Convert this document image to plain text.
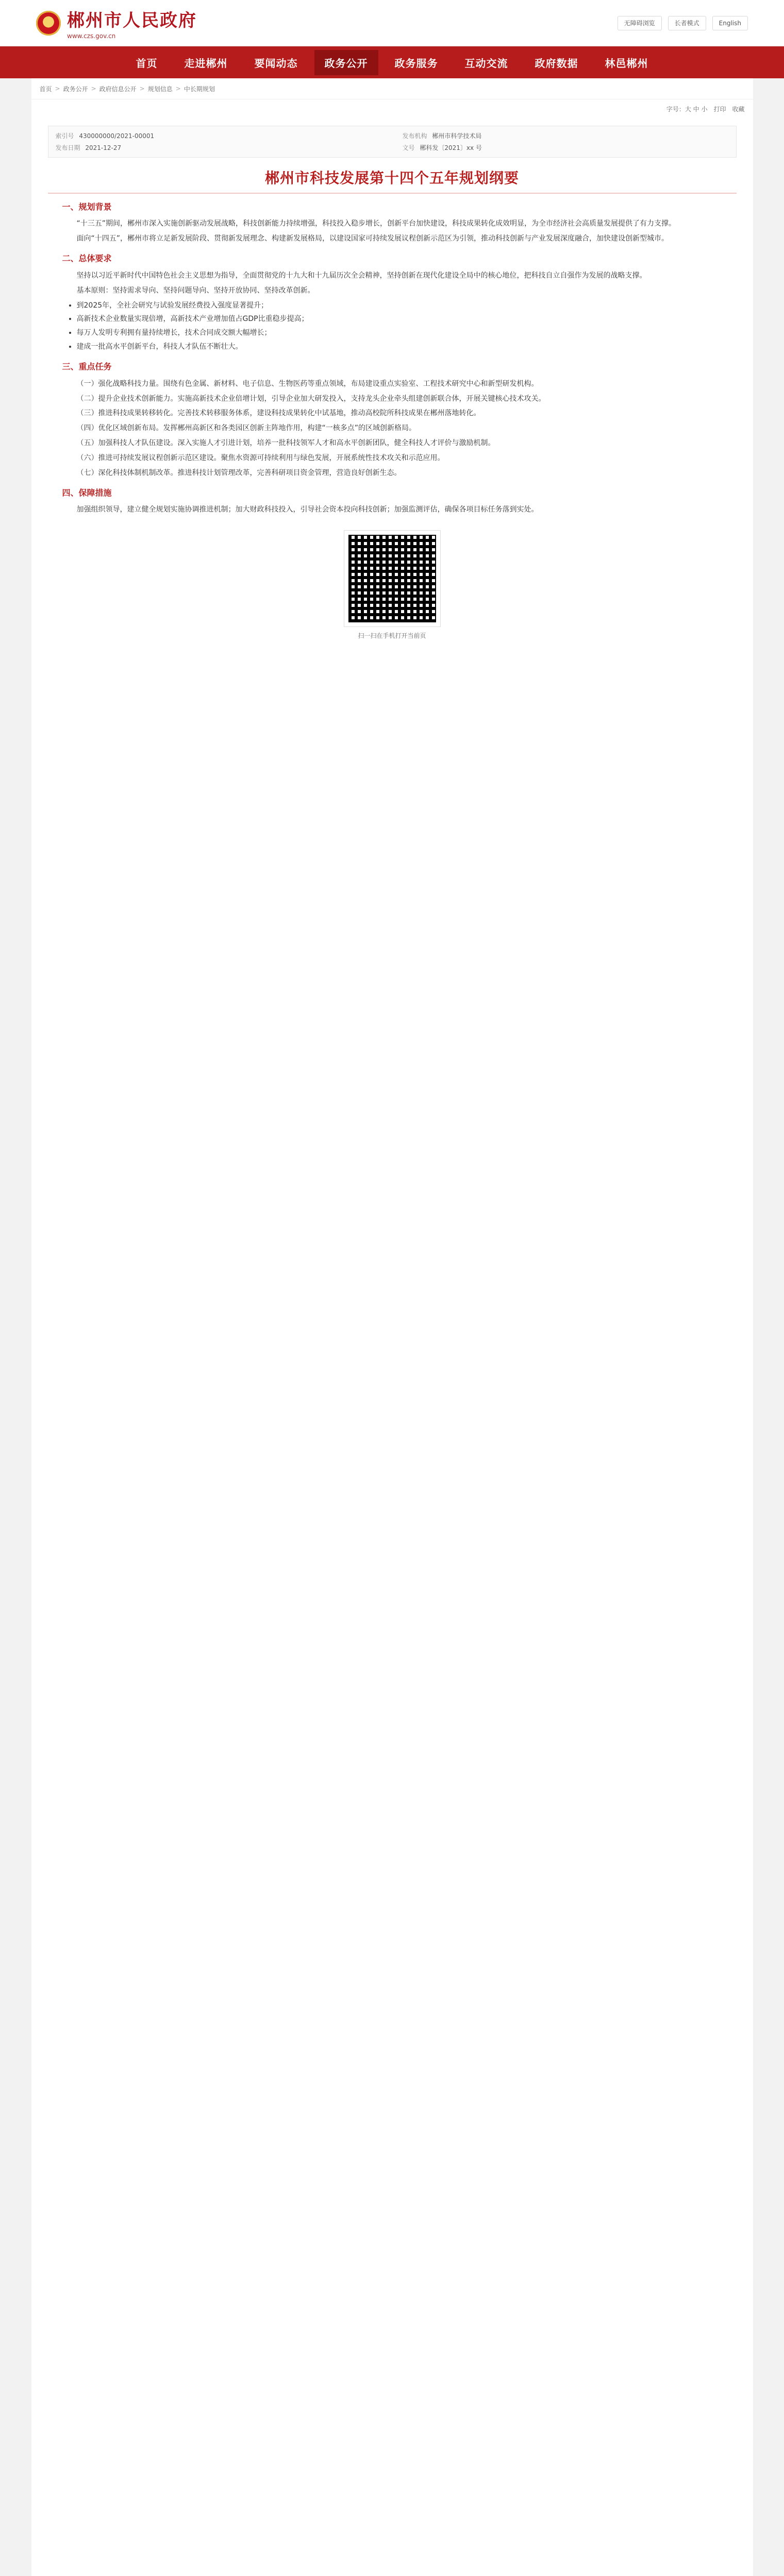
郴州市人民政府
www.czs.gov.cn
无障碍浏览	长者模式	English
首页	走进郴州	要闻动态	政务公开	政务服务	互动交流	政府数据	林邑郴州
首页 > 政务公开 > 政府信息公开 > 规划信息 > 中长期规划
字号：大 中 小 打印 收藏
索引号 430000000/2021-00001	发布机构 郴州市科学技术局
发布日期 2021-12-27	文号 郴科发〔2021〕xx 号
郴州市科技发展第十四个五年规划纲要
一、规划背景

“十三五”期间，郴州市深入实施创新驱动发展战略，科技创新能力持续增强，科技投入稳步增长，创新平台加快建设，科技成果转化成效明显，为全市经济社会高质量发展提供了有力支撑。

面向“十四五”，郴州市将立足新发展阶段、贯彻新发展理念、构建新发展格局，以建设国家可持续发展议程创新示范区为引领，推动科技创新与产业发展深度融合，加快建设创新型城市。

二、总体要求

坚持以习近平新时代中国特色社会主义思想为指导，全面贯彻党的十九大和十九届历次全会精神，坚持创新在现代化建设全局中的核心地位，把科技自立自强作为发展的战略支撑。

基本原则：坚持需求导向、坚持问题导向、坚持开放协同、坚持改革创新。

• 到2025年，全社会研究与试验发展经费投入强度显著提升；
• 高新技术企业数量实现倍增，高新技术产业增加值占GDP比重稳步提高；
• 每万人发明专利拥有量持续增长，技术合同成交额大幅增长；
• 建成一批高水平创新平台，科技人才队伍不断壮大。
三、重点任务

（一）强化战略科技力量。围绕有色金属、新材料、电子信息、生物医药等重点领域，布局建设重点实验室、工程技术研究中心和新型研发机构。

（二）提升企业技术创新能力。实施高新技术企业倍增计划，引导企业加大研发投入，支持龙头企业牵头组建创新联合体，开展关键核心技术攻关。

（三）推进科技成果转移转化。完善技术转移服务体系，建设科技成果转化中试基地，推动高校院所科技成果在郴州落地转化。

（四）优化区域创新布局。发挥郴州高新区和各类园区创新主阵地作用，构建“一核多点”的区域创新格局。

（五）加强科技人才队伍建设。深入实施人才引进计划，培养一批科技领军人才和高水平创新团队，健全科技人才评价与激励机制。

（六）推进可持续发展议程创新示范区建设。聚焦水资源可持续利用与绿色发展，开展系统性技术攻关和示范应用。

（七）深化科技体制机制改革。推进科技计划管理改革，完善科研项目资金管理，营造良好创新生态。

四、保障措施

加强组织领导，建立健全规划实施协调推进机制；加大财政科技投入，引导社会资本投向科技创新；加强监测评估，确保各项目标任务落到实处。

扫一扫在手机打开当前页
